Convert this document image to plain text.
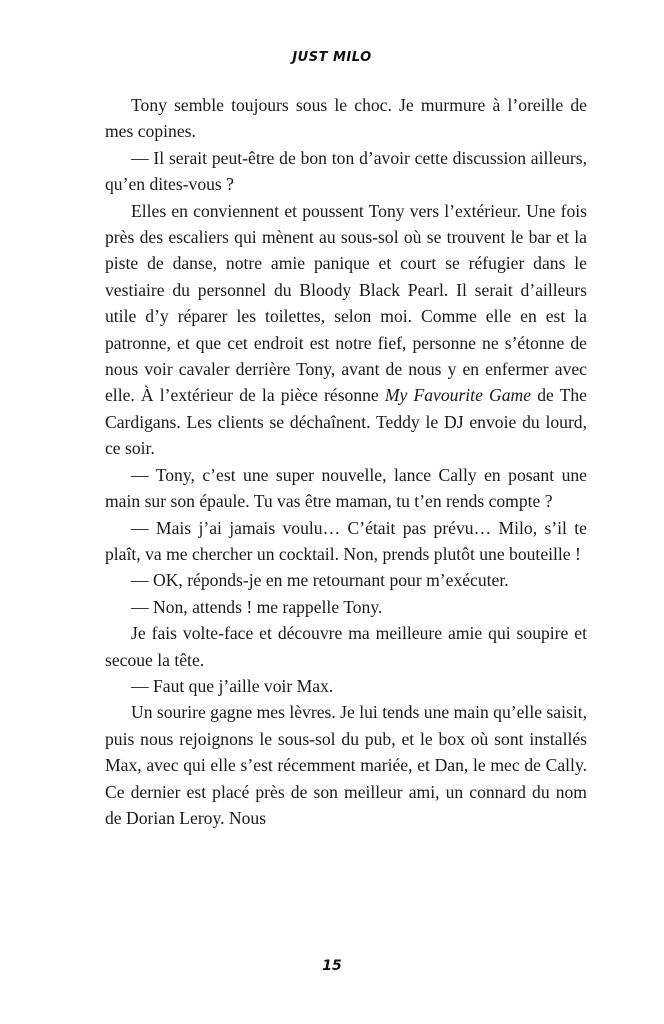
JUST MILO

Tony semble toujours sous le choc. Je murmure à l’oreille de mes copines.

— Il serait peut-être de bon ton d’avoir cette discussion ailleurs, qu’en dites-vous ?

Elles en conviennent et poussent Tony vers l’extérieur. Une fois près des escaliers qui mènent au sous-sol où se trouvent le bar et la piste de danse, notre amie panique et court se réfugier dans le vestiaire du personnel du Bloody Black Pearl. Il serait d’ailleurs utile d’y réparer les toilettes, selon moi. Comme elle en est la patronne, et que cet endroit est notre fief, personne ne s’étonne de nous voir cavaler derrière Tony, avant de nous y en enfermer avec elle. À l’extérieur de la pièce résonne My Favourite Game de The Cardigans. Les clients se déchaînent. Teddy le DJ envoie du lourd, ce soir.

— Tony, c’est une super nouvelle, lance Cally en posant une main sur son épaule. Tu vas être maman, tu t’en rends compte ?

— Mais j’ai jamais voulu… C’était pas prévu… Milo, s’il te plaît, va me chercher un cocktail. Non, prends plutôt une bouteille !

— OK, réponds-je en me retournant pour m’exécuter.

— Non, attends ! me rappelle Tony.

Je fais volte-face et découvre ma meilleure amie qui soupire et secoue la tête.

— Faut que j’aille voir Max.

Un sourire gagne mes lèvres. Je lui tends une main qu’elle saisit, puis nous rejoignons le sous-sol du pub, et le box où sont installés Max, avec qui elle s’est récemment mariée, et Dan, le mec de Cally. Ce dernier est placé près de son meilleur ami, un connard du nom de Dorian Leroy. Nous

15
